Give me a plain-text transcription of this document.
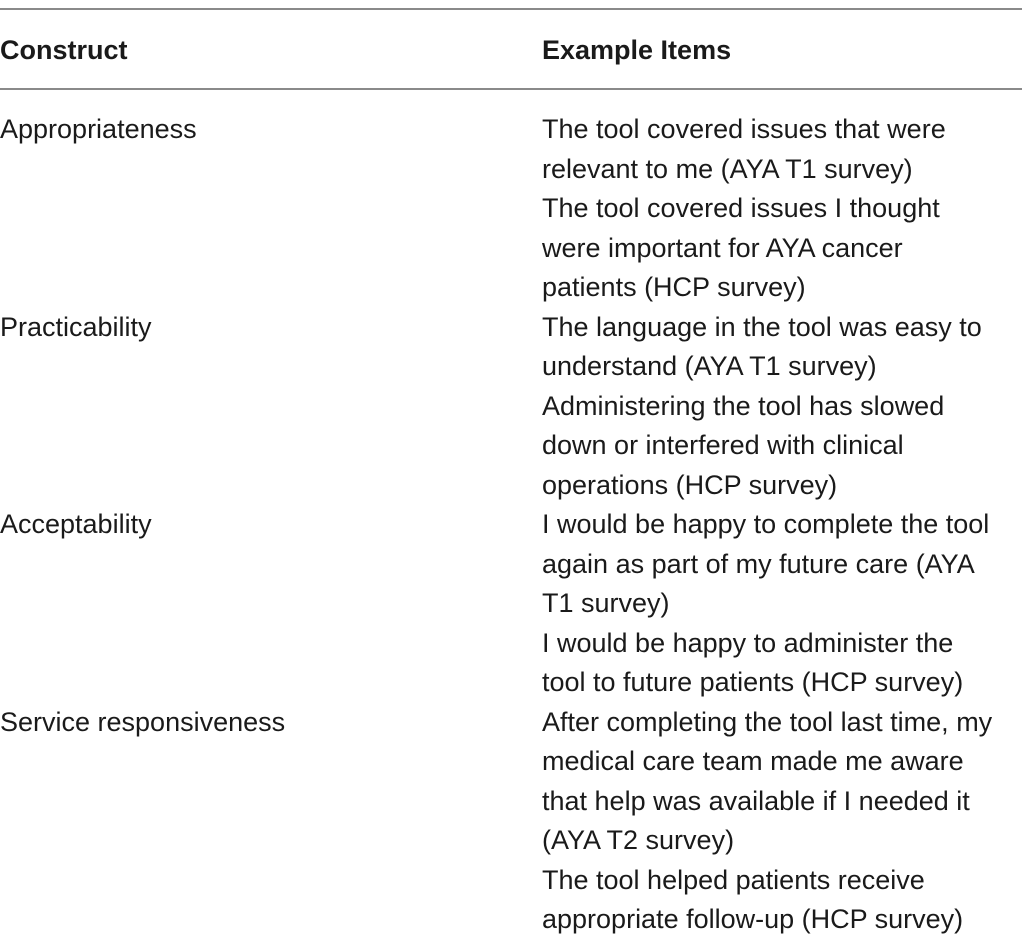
Construct	Example Items
Appropriateness	The tool covered issues that were
relevant to me (AYA T1 survey)
The tool covered issues I thought
were important for AYA cancer
patients (HCP survey)
Practicability	The language in the tool was easy to
understand (AYA T1 survey)
Administering the tool has slowed
down or interfered with clinical
operations (HCP survey)
Acceptability	I would be happy to complete the tool
again as part of my future care (AYA
T1 survey)
I would be happy to administer the
tool to future patients (HCP survey)
Service responsiveness	After completing the tool last time, my
medical care team made me aware
that help was available if I needed it
(AYA T2 survey)
The tool helped patients receive
appropriate follow-up (HCP survey)
